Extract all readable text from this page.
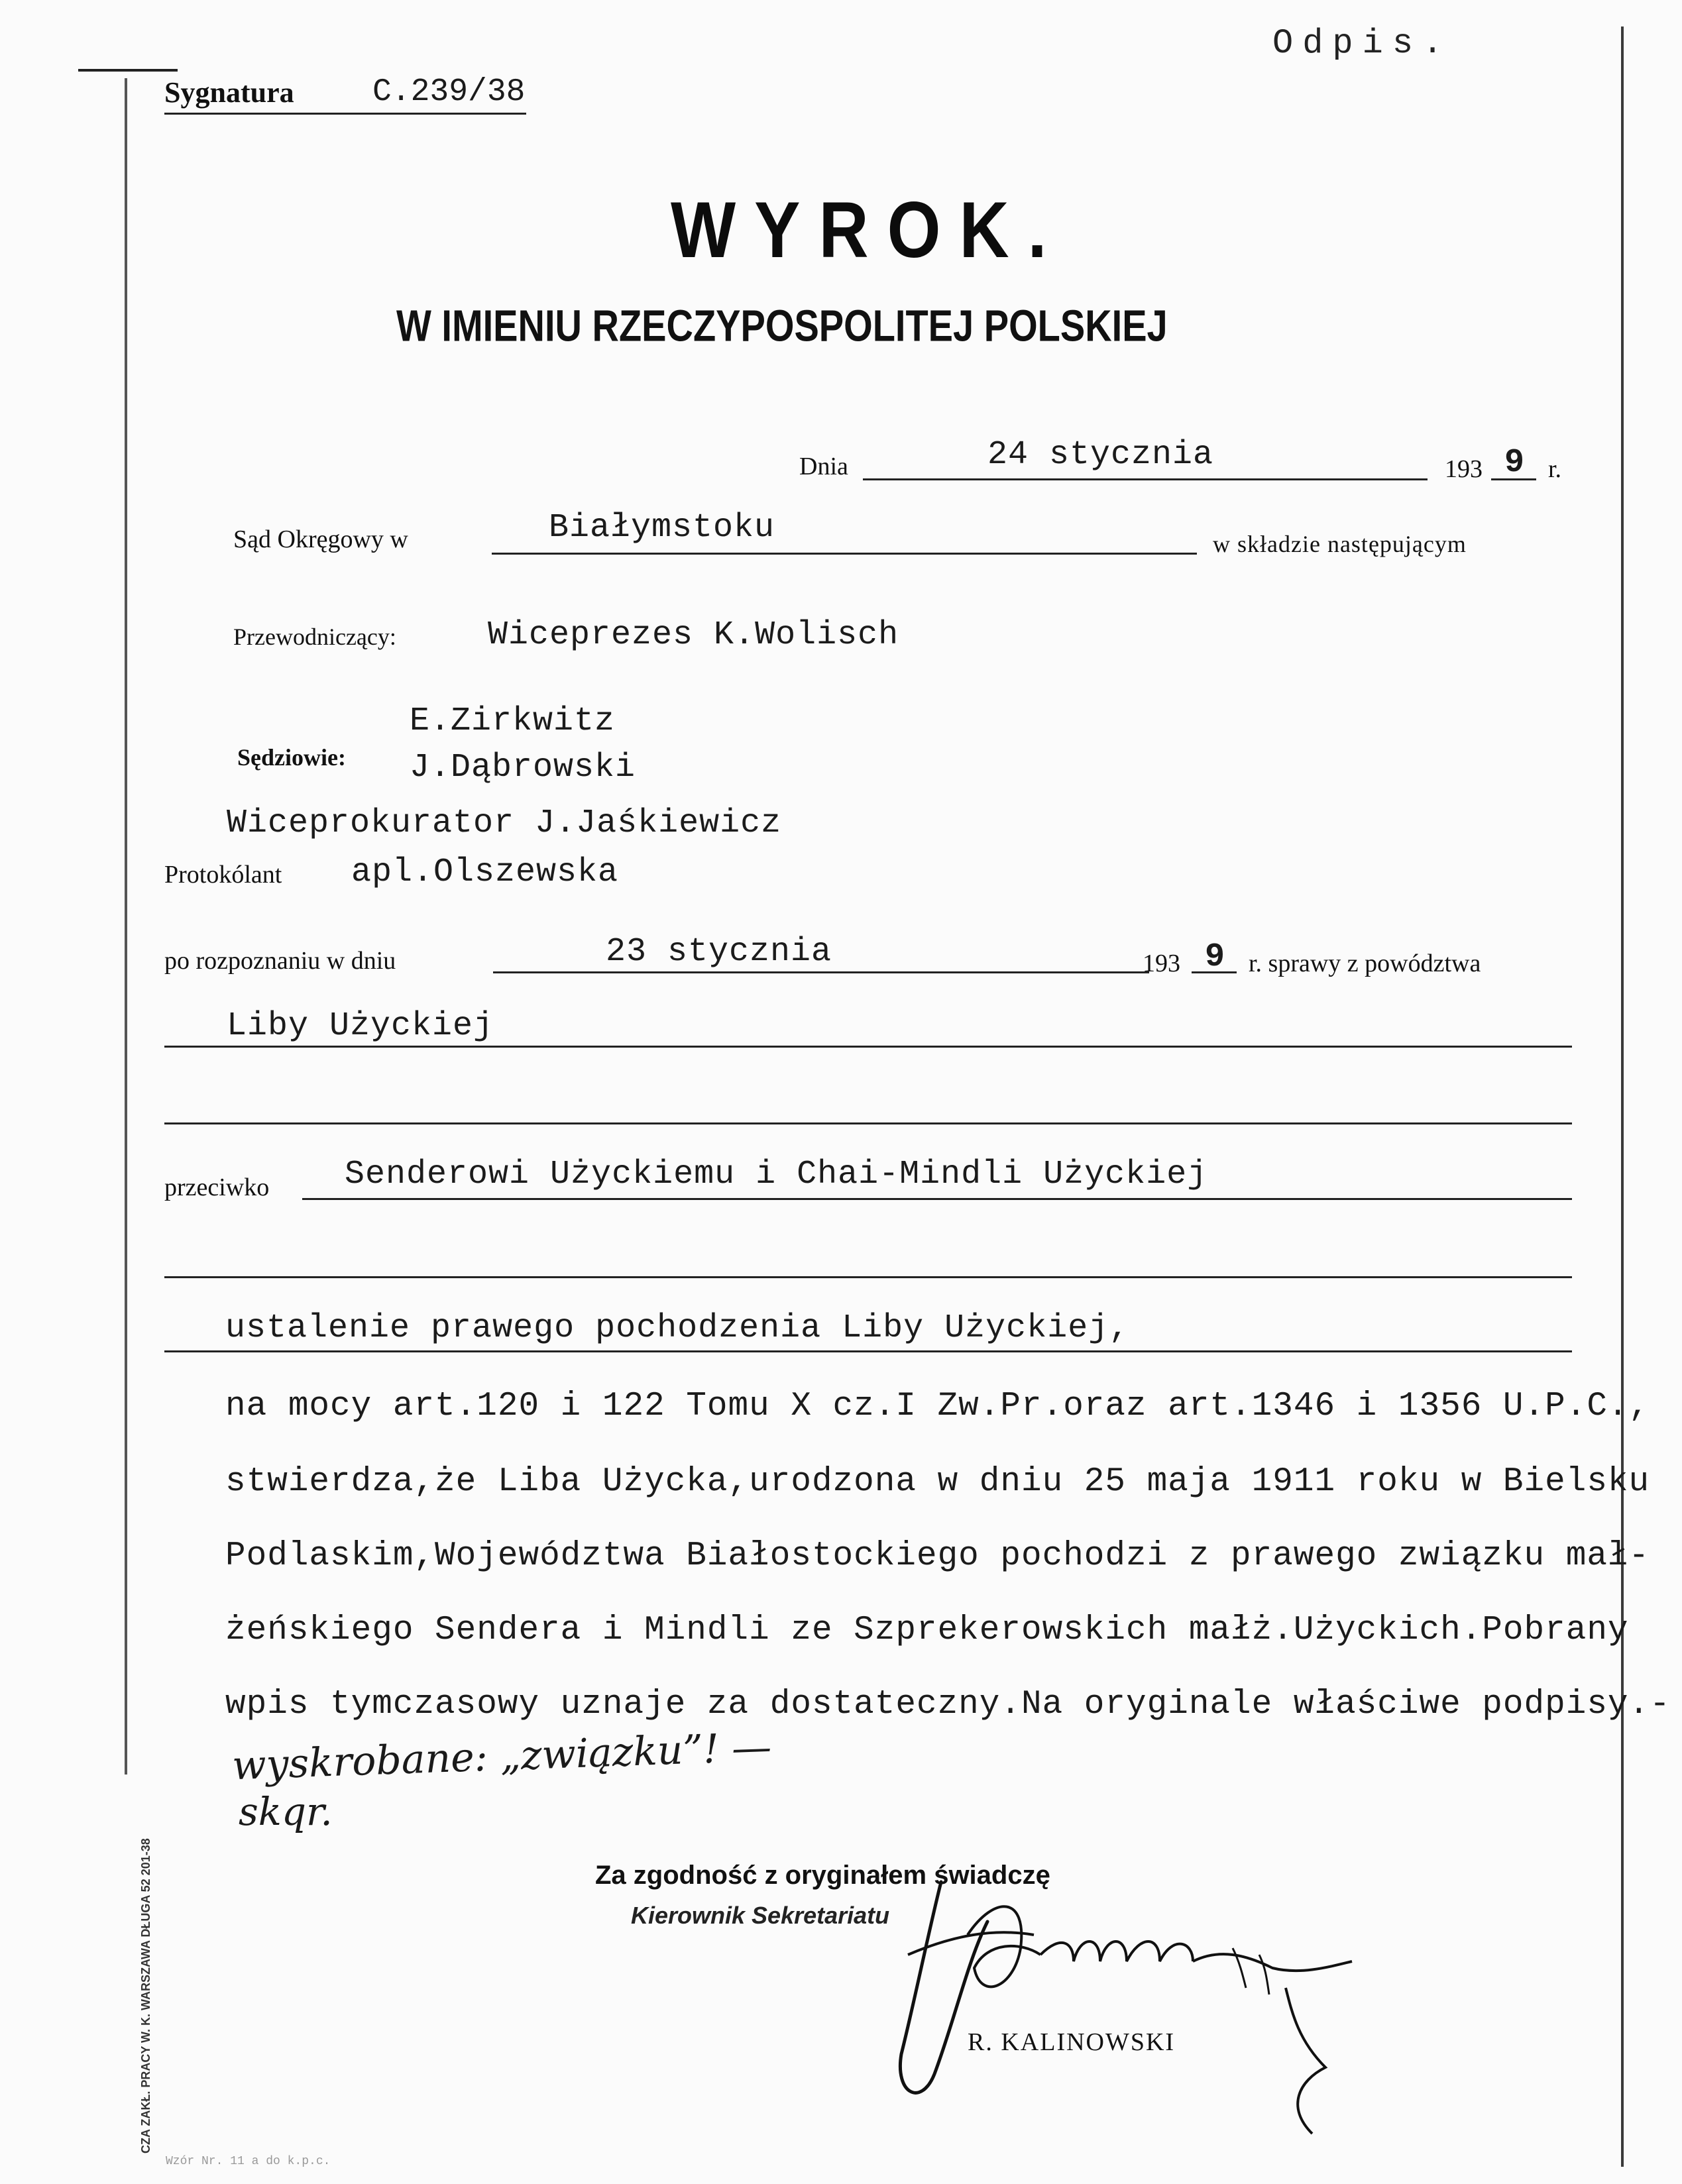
Odpis.
Sygnatura C.239/38
WYROK.
W IMIENIU RZECZYPOSPOLITEJ POLSKIEJ
Dnia	24 stycznia	193 9 r.
Sąd Okręgowy w	Białymstoku	w składzie następującym
Przewodniczący:	Wiceprezes K.Wolisch
E.Zirkwitz
Sędziowie: J.Dąbrowski
Wiceprokurator J.Jaśkiewicz
Protokólant apl.Olszewska
po rozpoznaniu w dniu	23 stycznia	193 9 r. sprawy z powództwa
Liby Użyckiej
przeciwko Senderowi Użyckiemu i Chai-Mindli Użyckiej
ustalenie prawego pochodzenia Liby Użyckiej,
na mocy art.120 i 122 Tomu X cz.I Zw.Pr.oraz art.1346 i 1356 U.P.C.,
stwierdza,że Liba Użycka,urodzona w dniu 25 maja 1911 roku w Bielsku
Podlaskim,Województwa Białostockiego pochodzi z prawego związku mał-
żeńskiego Sendera i Mindli ze Szprekerowskich małż.Użyckich.Pobrany
wpis tymczasowy uznaje za dostateczny.Na oryginale właściwe podpisy.-
wyskrobane: „związku”! —
skqr.
Za zgodność z oryginałem świadczę
Kierownik Sekretariatu
R. KALINOWSKI
CZA ZAKŁ. PRACY W. K. WARSZAWA DŁUGA 52 201-38
Wzór Nr. 11 a do k.p.c.
